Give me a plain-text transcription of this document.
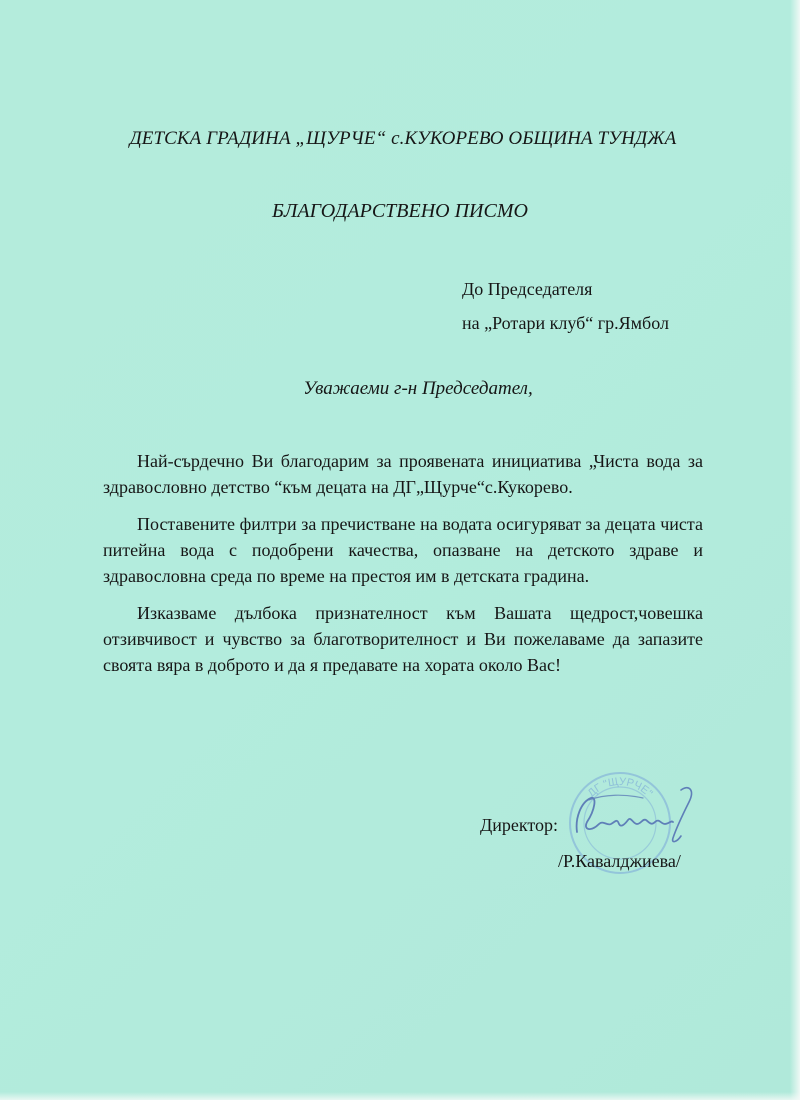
ДЕТСКА ГРАДИНА „ЩУРЧЕ“ с.КУКОРЕВО ОБЩИНА ТУНДЖА
БЛАГОДАРСТВЕНО ПИСМО
До Председателя
на „Ротари клуб“ гр.Ямбол
Уважаеми г-н Председател,

Най-сърдечно Ви благодарим за проявената инициатива „Чиста вода за здравословно детство “към децата на ДГ„Щурче“с.Кукорево.

Поставените филтри за пречистване на водата осигуряват за децата чиста питейна вода с подобрени качества, опазване на детското здраве и здравословна среда по време на престоя им в детската градина.

Изказваме дълбока признателност към Вашата щедрост,човешка отзивчивост и чувство за благотворителност и Ви пожелаваме да запазите своята вяра в доброто и да я предавате на хората около Вас!

ДГ "ЩУРЧЕ"
Директор:
/Р.Кавалджиева/
